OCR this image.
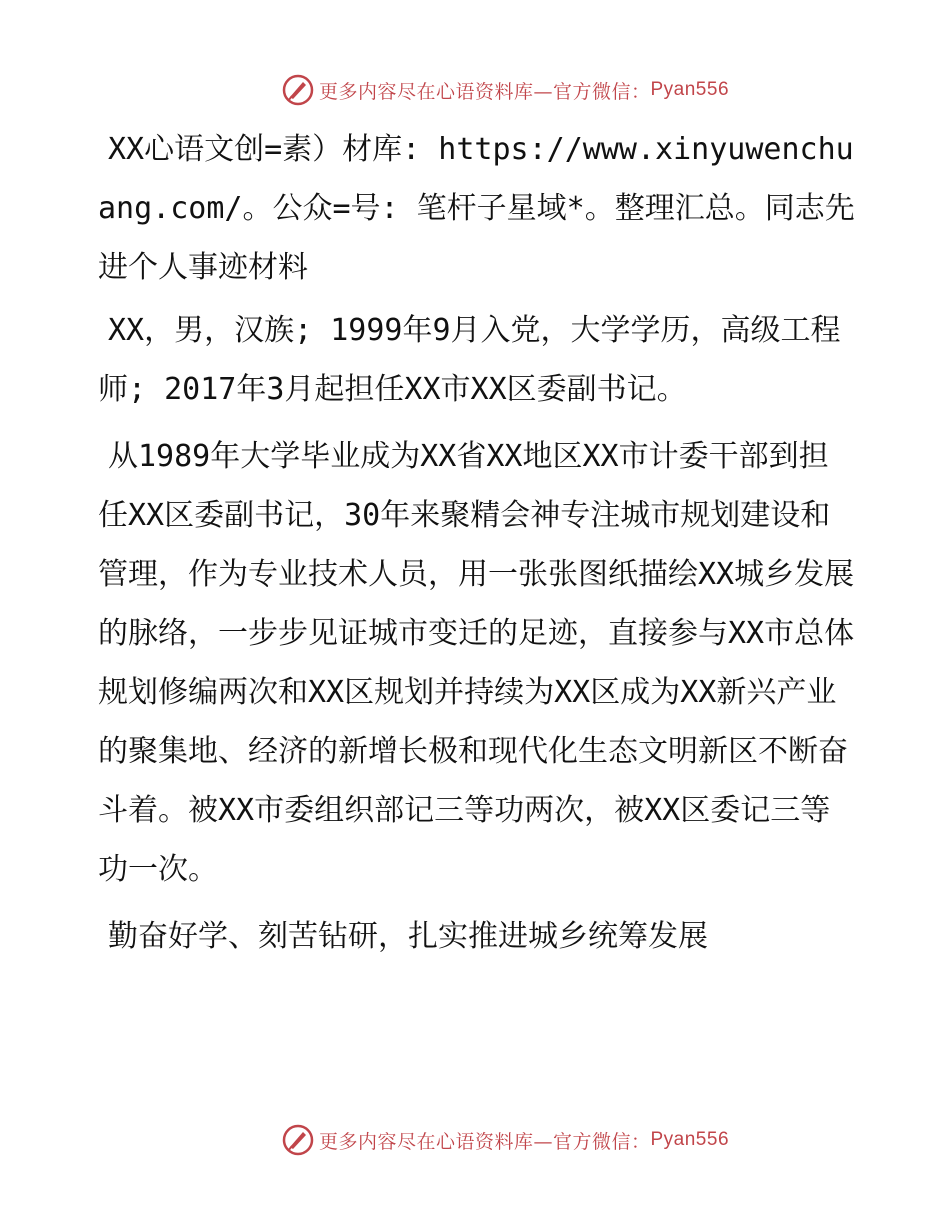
更多内容尽在心语资料库—官方微信： Pyan556

XX心语文创=素）材库: https://www.xinyuwenchuang.com/。公众=号: 笔杆子星域*。整理汇总。同志先进个人事迹材料

XX，男，汉族; 1999年9月入党，大学学历，高级工程师; 2017年3月起担任XX市XX区委副书记。

从1989年大学毕业成为XX省XX地区XX市计委干部到担任XX区委副书记，30年来聚精会神专注城市规划建设和管理，作为专业技术人员，用一张张图纸描绘XX城乡发展的脉络，一步步见证城市变迁的足迹，直接参与XX市总体规划修编两次和XX区规划并持续为XX区成为XX新兴产业的聚集地、经济的新增长极和现代化生态文明新区不断奋斗着。被XX市委组织部记三等功两次，被XX区委记三等功一次。

勤奋好学、刻苦钻研，扎实推进城乡统筹发展

更多内容尽在心语资料库—官方微信： Pyan556
